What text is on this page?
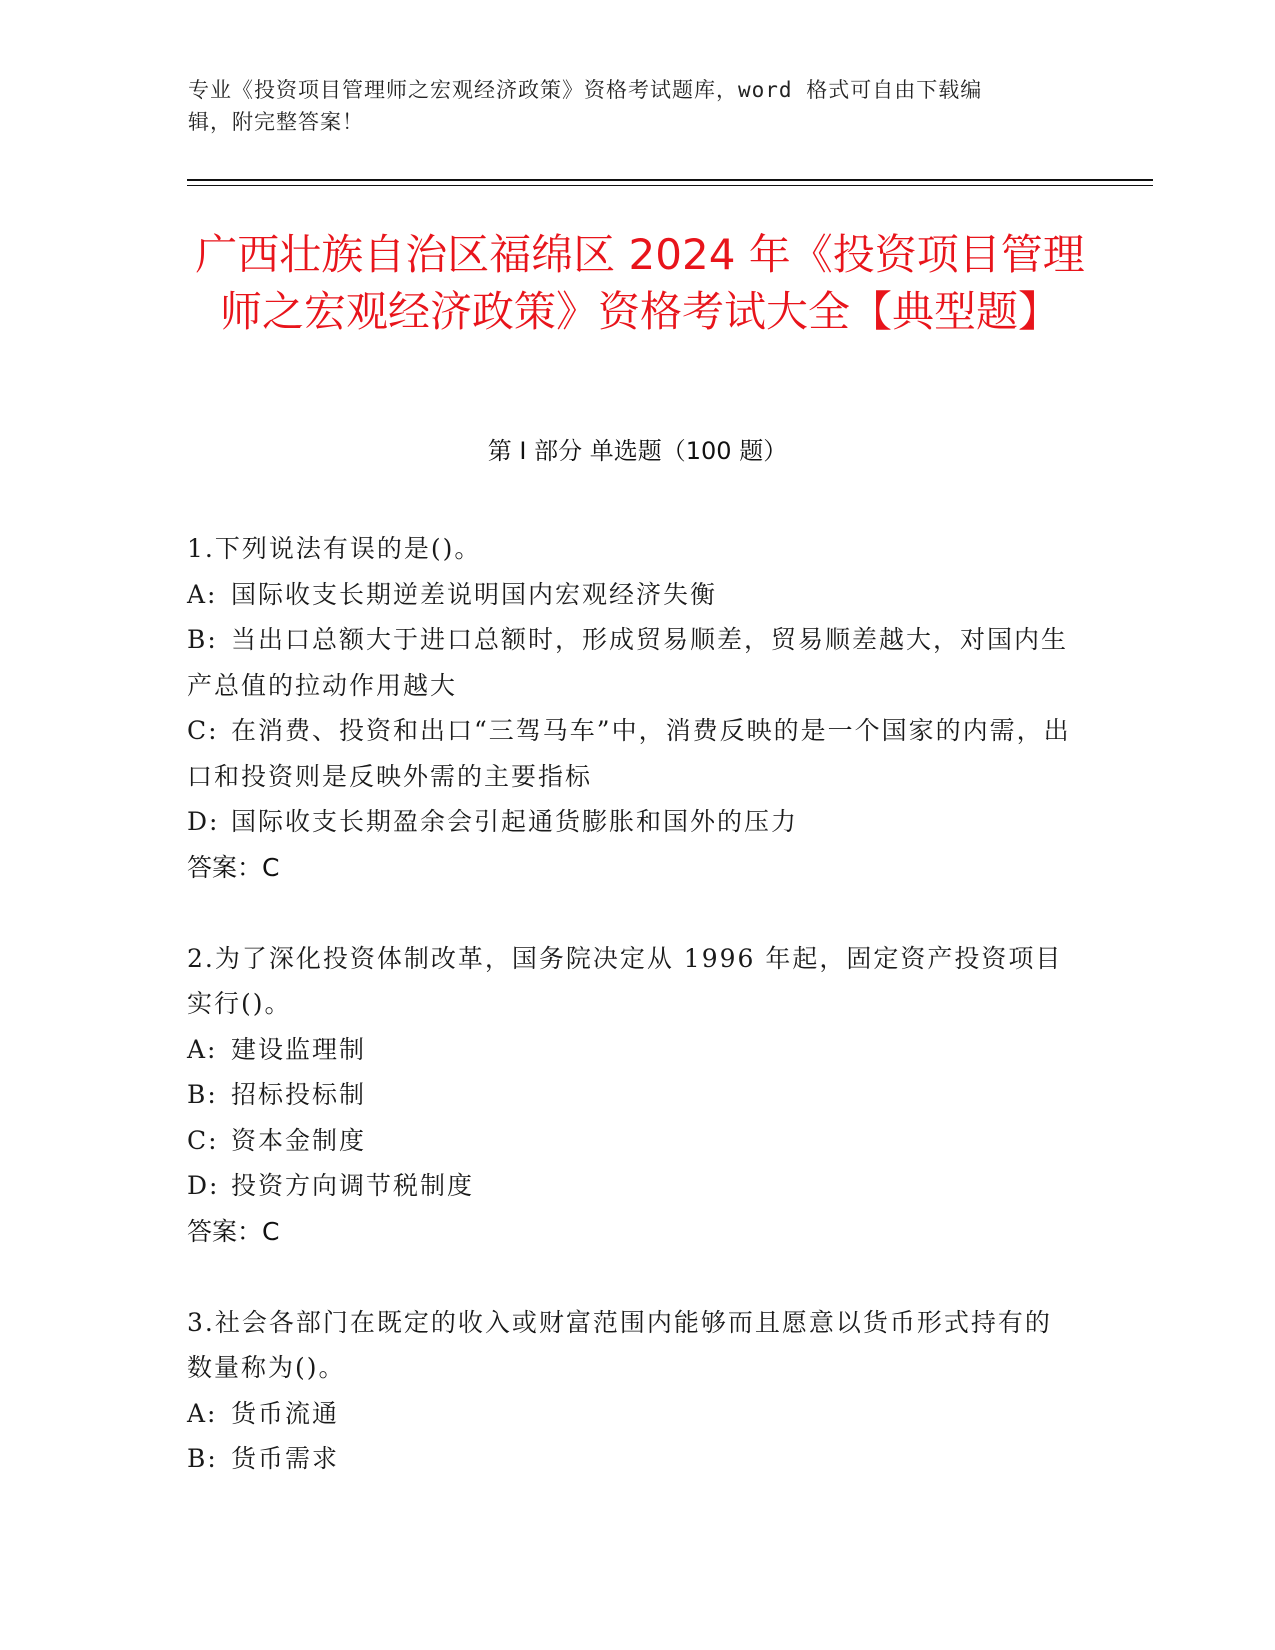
专业《投资项目管理师之宏观经济政策》资格考试题库，word 格式可自由下载编
辑，附完整答案！
广西壮族自治区福绵区 2024 年《投资项目管理师之宏观经济政策》资格考试大全【典型题】
第 I 部分 单选题（100 题）
1.下列说法有误的是()。
A: 国际收支长期逆差说明国内宏观经济失衡
B: 当出口总额大于进口总额时，形成贸易顺差，贸易顺差越大，对国内生产总值的拉动作用越大
C: 在消费、投资和出口“三驾马车”中，消费反映的是一个国家的内需，出口和投资则是反映外需的主要指标
D: 国际收支长期盈余会引起通货膨胀和国外的压力
答案：C
2.为了深化投资体制改革，国务院决定从 1996 年起，固定资产投资项目实行()。
A: 建设监理制
B: 招标投标制
C: 资本金制度
D: 投资方向调节税制度
答案：C
3.社会各部门在既定的收入或财富范围内能够而且愿意以货币形式持有的数量称为()。
A: 货币流通
B: 货币需求
